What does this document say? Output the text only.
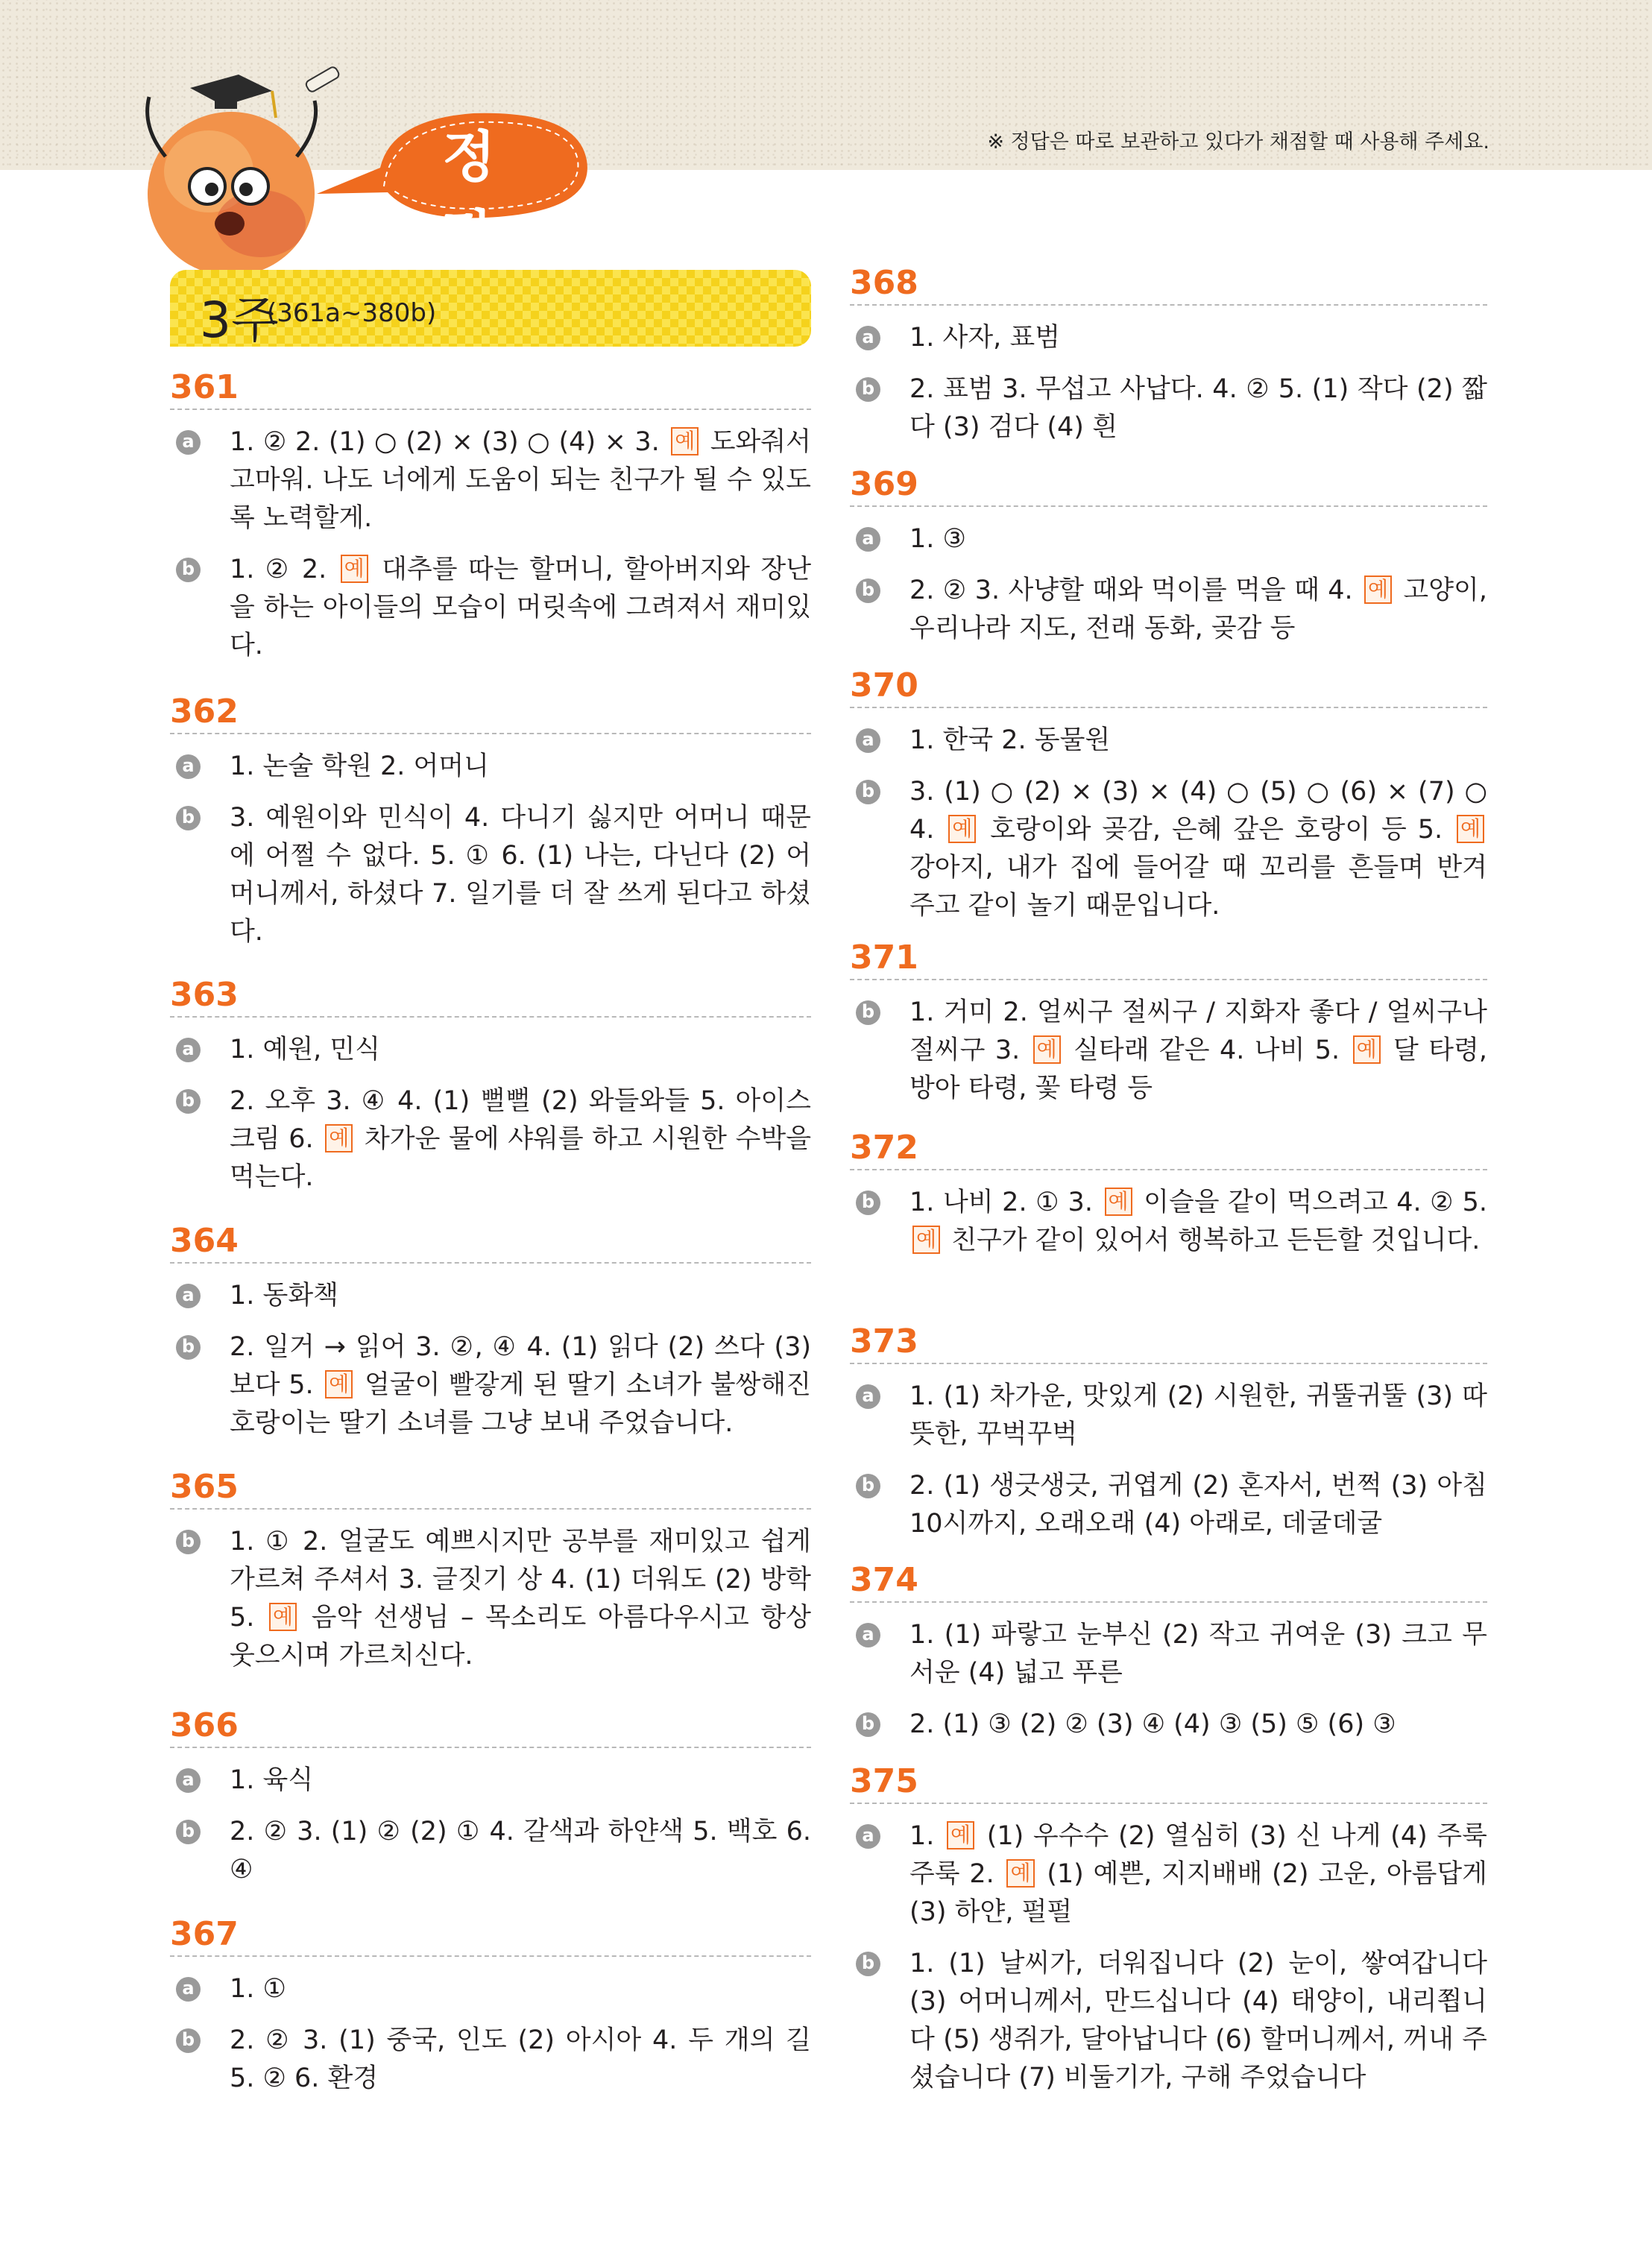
정답
※ 정답은 따로 보관하고 있다가 채점할 때 사용해 주세요.
3주
(361a~380b)
361
a 1. ② 2. (1) ○ (2) × (3) ○ (4) × 3. 예 도와줘서 고마워. 나도 너에게 도움이 되는 친구가 될 수 있도록 노력할게.
b 1. ② 2. 예 대추를 따는 할머니, 할아버지와 장난을 하는 아이들의 모습이 머릿속에 그려져서 재미있다.
362
a 1. 논술 학원 2. 어머니
b 3. 예원이와 민식이 4. 다니기 싫지만 어머니 때문에 어쩔 수 없다. 5. ① 6. (1) 나는, 다닌다 (2) 어머니께서, 하셨다 7. 일기를 더 잘 쓰게 된다고 하셨다.
363
a 1. 예원, 민식
b 2. 오후 3. ④ 4. (1) 뻘뻘 (2) 와들와들 5. 아이스크림 6. 예 차가운 물에 샤워를 하고 시원한 수박을 먹는다.
364
a 1. 동화책
b 2. 일거 → 읽어 3. ②, ④ 4. (1) 읽다 (2) 쓰다 (3) 보다 5. 예 얼굴이 빨갛게 된 딸기 소녀가 불쌍해진 호랑이는 딸기 소녀를 그냥 보내 주었습니다.
365
b 1. ① 2. 얼굴도 예쁘시지만 공부를 재미있고 쉽게 가르쳐 주셔서 3. 글짓기 상 4. (1) 더워도 (2) 방학 5. 예 음악 선생님 – 목소리도 아름다우시고 항상 웃으시며 가르치신다.
366
a 1. 육식
b 2. ② 3. (1) ② (2) ① 4. 갈색과 하얀색 5. 백호 6. ④
367
a 1. ①
b 2. ② 3. (1) 중국, 인도 (2) 아시아 4. 두 개의 길 5. ② 6. 환경
368
a 1. 사자, 표범
b 2. 표범 3. 무섭고 사납다. 4. ② 5. (1) 작다 (2) 짧다 (3) 검다 (4) 흰
369
a 1. ③
b 2. ② 3. 사냥할 때와 먹이를 먹을 때 4. 예 고양이, 우리나라 지도, 전래 동화, 곶감 등
370
a 1. 한국 2. 동물원
b 3. (1) ○ (2) × (3) × (4) ○ (5) ○ (6) × (7) ○ 4. 예 호랑이와 곶감, 은혜 갚은 호랑이 등 5. 예 강아지, 내가 집에 들어갈 때 꼬리를 흔들며 반겨 주고 같이 놀기 때문입니다.
371
b 1. 거미 2. 얼씨구 절씨구 / 지화자 좋다 / 얼씨구나 절씨구 3. 예 실타래 같은 4. 나비 5. 예 달 타령, 방아 타령, 꽃 타령 등
372
b 1. 나비 2. ① 3. 예 이슬을 같이 먹으려고 4. ② 5. 예 친구가 같이 있어서 행복하고 든든할 것입니다.
373
a 1. (1) 차가운, 맛있게 (2) 시원한, 귀뚤귀뚤 (3) 따뜻한, 꾸벅꾸벅
b 2. (1) 생긋생긋, 귀엽게 (2) 혼자서, 번쩍 (3) 아침 10시까지, 오래오래 (4) 아래로, 데굴데굴
374
a 1. (1) 파랗고 눈부신 (2) 작고 귀여운 (3) 크고 무서운 (4) 넓고 푸른
b 2. (1) ③ (2) ② (3) ④ (4) ③ (5) ⑤ (6) ③
375
a 1. 예 (1) 우수수 (2) 열심히 (3) 신 나게 (4) 주룩주룩 2. 예 (1) 예쁜, 지지배배 (2) 고운, 아름답게 (3) 하얀, 펄펄
b 1. (1) 날씨가, 더워집니다 (2) 눈이, 쌓여갑니다 (3) 어머니께서, 만드십니다 (4) 태양이, 내리쬡니다 (5) 생쥐가, 달아납니다 (6) 할머니께서, 꺼내 주셨습니다 (7) 비둘기가, 구해 주었습니다
